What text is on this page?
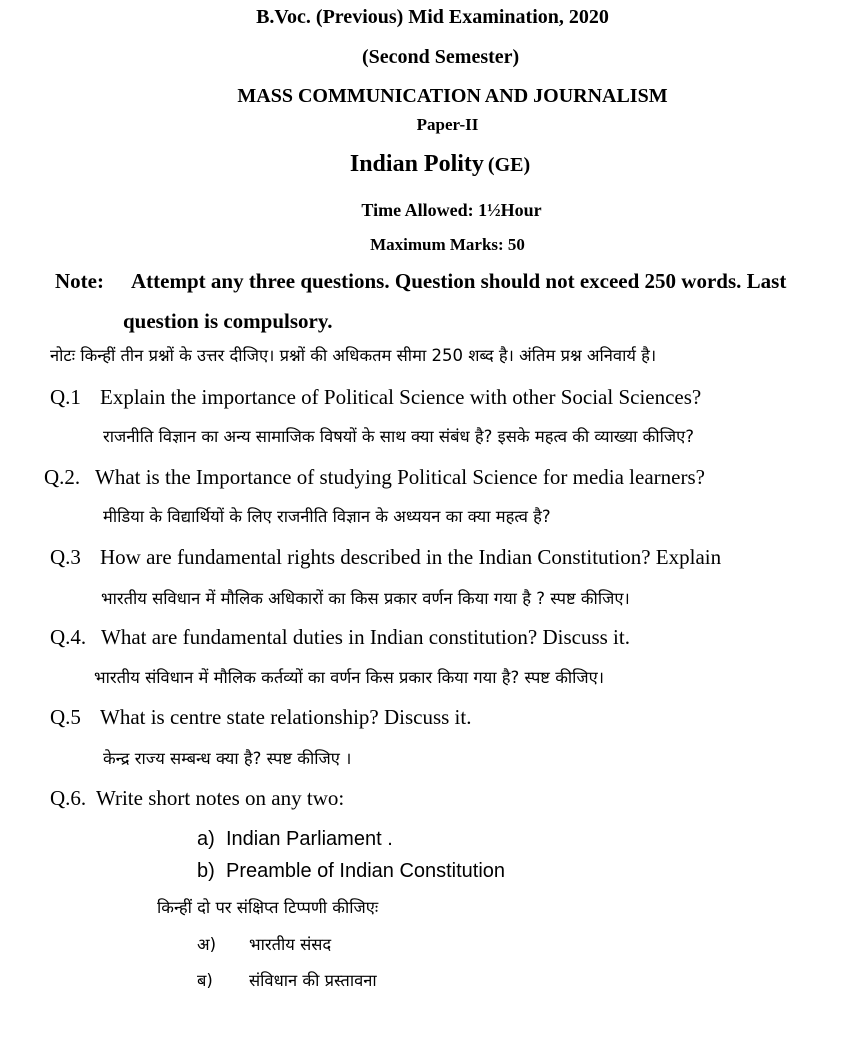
B.Voc. (Previous) Mid Examination, 2020
(Second Semester)
MASS COMMUNICATION AND JOURNALISM
Paper-II
Indian Polity (GE)
Time Allowed: 1½Hour
Maximum Marks: 50
Note: Attempt any three questions. Question should not exceed 250 words. Last
question is compulsory.
नोटः किन्हीं तीन प्रश्नों के उत्तर दीजिए। प्रश्नों की अधिकतम सीमा 250 शब्द है। अंतिम प्रश्न अनिवार्य है।
Q.1 Explain the importance of Political Science with other Social Sciences?
राजनीति विज्ञान का अन्य सामाजिक विषयों के साथ क्या संबंध है? इसके महत्व की व्याख्या कीजिए?
Q.2. What is the Importance of studying Political Science for media learners?
मीडिया के विद्यार्थियों के लिए राजनीति विज्ञान के अध्ययन का क्या महत्व है?
Q.3 How are fundamental rights described in the Indian Constitution? Explain
भारतीय सविधान में मौलिक अधिकारों का किस प्रकार वर्णन किया गया है ? स्पष्ट कीजिए।
Q.4. What are fundamental duties in Indian constitution? Discuss it.
भारतीय संविधान में मौलिक कर्तव्यों का वर्णन किस प्रकार किया गया है? स्पष्ट कीजिए।
Q.5 What is centre state relationship? Discuss it.
केन्द्र राज्य सम्बन्ध क्या है? स्पष्ट कीजिए ।
Q.6. Write short notes on any two:
a) Indian Parliament .
b) Preamble of Indian Constitution
किन्हीं दो पर संक्षिप्त टिप्पणी कीजिएः
अ) भारतीय संसद
ब) संविधान की प्रस्तावना
